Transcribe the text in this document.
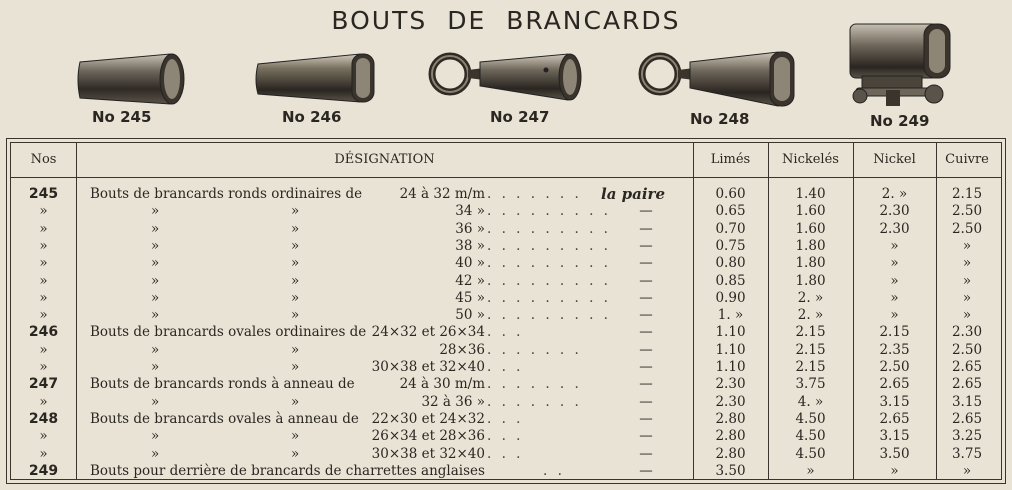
BOUTS DE BRANCARDS
No 245	No 246	No 247	No 248	No 249
Nos	DÉSIGNATION	Limés	Nickelés	Nickel	Cuivre
245	Bouts de brancards ronds ordinaires de	24 à 32 m/m . . . . . . . la paire	0.60	1.40	2. »	2.15
»	»	»	34 » . . . . . . . . .	—	0.65	1.60	2.30	2.50
»	»	»	36 » . . . . . . . . .	—	0.70	1.60	2.30	2.50
»	»	»	38 » . . . . . . . . .	—	0.75	1.80	»	»
»	»	»	40 » . . . . . . . . .	—	0.80	1.80	»	»
»	»	»	42 » . . . . . . . . .	—	0.85	1.80	»	»
»	»	»	45 » . . . . . . . . .	—	0.90	2. »	»	»
»	»	»	50 » . . . . . . . . .	—	1. »	2. »	»	»
246	Bouts de brancards ovales ordinaires de 24×32 et 26×34 . . .	—	1.10	2.15	2.15	2.30
»	»	»	28×36 . . . . . . .	—	1.10	2.15	2.35	2.50
»	»	»	30×38 et 32×40 . . .	—	1.10	2.15	2.50	2.65
247	Bouts de brancards ronds à anneau de	24 à 30 m/m . . . . . . .	—	2.30	3.75	2.65	2.65
»	»	»	32 à 36 » . . . . . . .	—	2.30	4. »	3.15	3.15
248	Bouts de brancards ovales à anneau de 22×30 et 24×32 . . .	—	2.80	4.50	2.65	2.65
»	»	»	26×34 et 28×36 . . .	—	2.80	4.50	3.15	3.25
»	»	»	30×38 et 32×40 . . .	—	2.80	4.50	3.50	3.75
249	Bouts pour derrière de brancards de charrettes anglaises	. .	—	3.50	»	»	»
